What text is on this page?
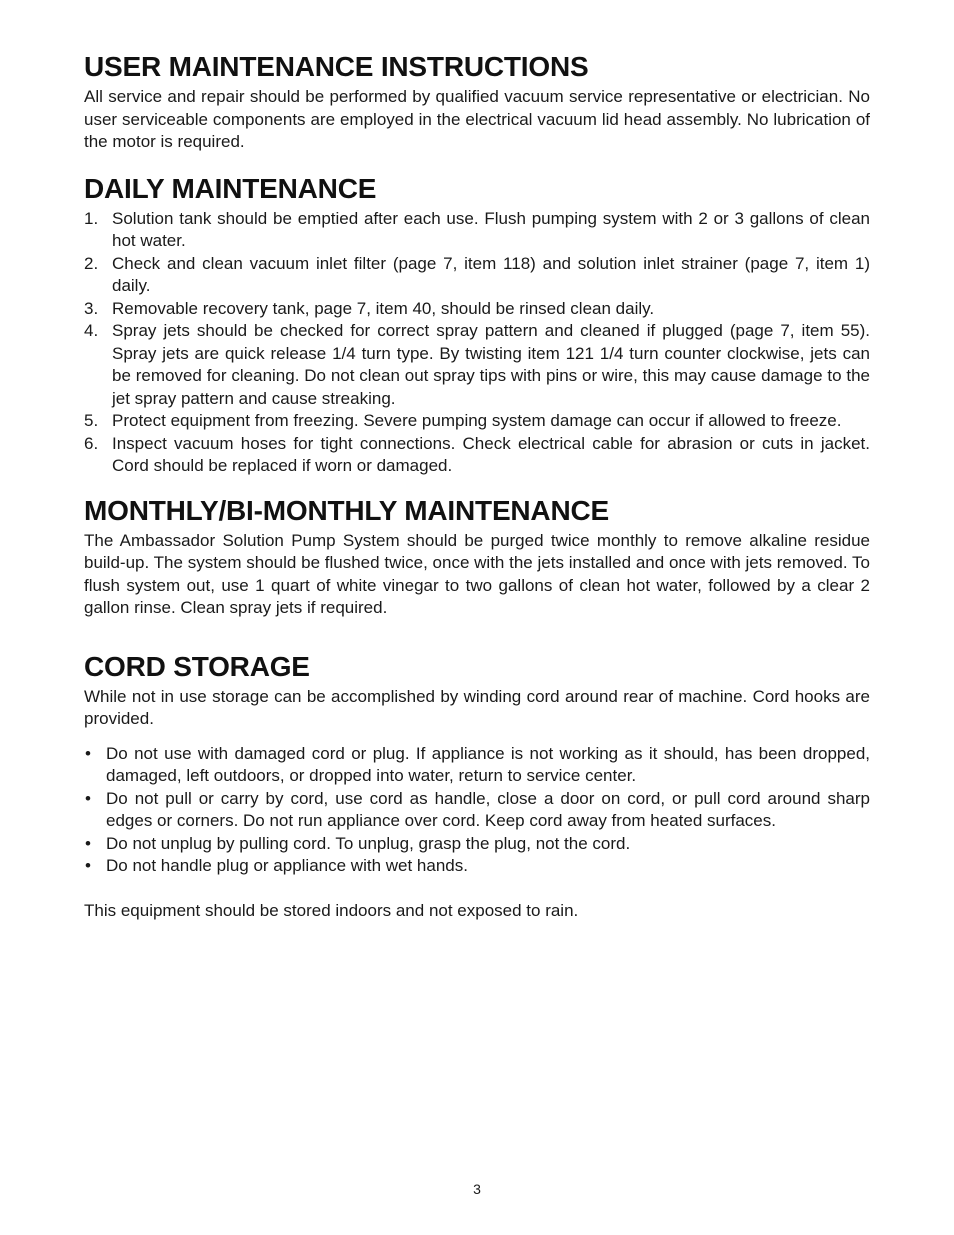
USER MAINTENANCE INSTRUCTIONS

All service and repair should be performed by qualified vacuum service representative or electrician. No user serviceable components are employed in the electrical vacuum lid head assembly. No lubrication of the motor is required.

DAILY MAINTENANCE
1. Solution tank should be emptied after each use. Flush pumping system with 2 or 3 gallons of clean hot water.
2. Check and clean vacuum inlet filter (page 7, item 118) and solution inlet strainer (page 7, item 1) daily.
3. Removable recovery tank, page 7, item 40, should be rinsed clean daily.
4. Spray jets should be checked for correct spray pattern and cleaned if plugged (page 7, item 55). Spray jets are quick release 1/4 turn type. By twisting item 121 1/4 turn counter clockwise, jets can be removed for cleaning. Do not clean out spray tips with pins or wire, this may cause damage to the jet spray pattern and cause streaking.
5. Protect equipment from freezing. Severe pumping system damage can occur if allowed to freeze.
6. Inspect vacuum hoses for tight connections. Check electrical cable for abrasion or cuts in jacket. Cord should be replaced if worn or damaged.
MONTHLY/BI-MONTHLY MAINTENANCE

The Ambassador Solution Pump System should be purged twice monthly to remove alkaline residue build-up. The system should be flushed twice, once with the jets installed and once with jets removed. To flush system out, use 1 quart of white vinegar to two gallons of clean hot water, followed by a clear 2 gallon rinse. Clean spray jets if required.

CORD STORAGE

While not in use storage can be accomplished by winding cord around rear of machine. Cord hooks are provided.

• Do not use with damaged cord or plug. If appliance is not working as it should, has been dropped, damaged, left outdoors, or dropped into water, return to service center.
• Do not pull or carry by cord, use cord as handle, close a door on cord, or pull cord around sharp edges or corners. Do not run appliance over cord. Keep cord away from heated surfaces.
• Do not unplug by pulling cord. To unplug, grasp the plug, not the cord.
• Do not handle plug or appliance with wet hands.

This equipment should be stored indoors and not exposed to rain.

3
